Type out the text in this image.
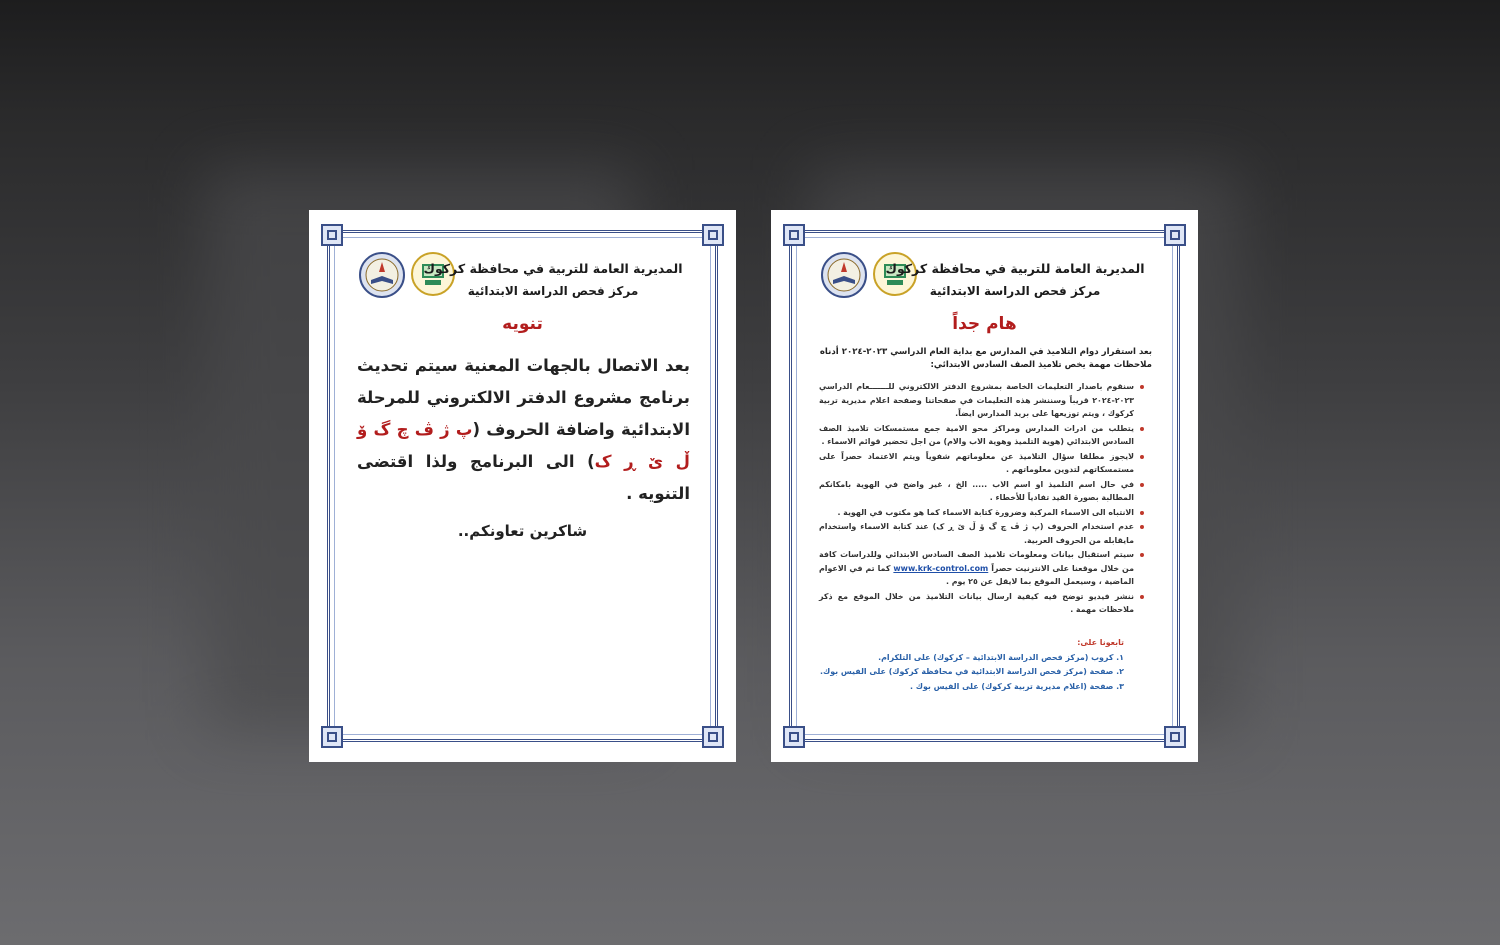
المديرية العامة للتربية في محافظة كركوك
مركز فحص الدراسة الابتدائية
تنويه
بعد الاتصال بالجهات المعنية سيتم تحديث برنامج مشروع الدفتر الالكتروني للمرحلة الابتدائية واضافة الحروف (پ ژ ڤ چ گ ۆ ڵ ێ ڕ ک) الى البرنامج ولذا اقتضى التنويه .
شاكرين تعاونكم..
المديرية العامة للتربية في محافظة كركوك
مركز فحص الدراسة الابتدائية
هام جداً
بعد استقرار دوام التلاميذ في المدارس مع بداية العام الدراسي ٢٠٢٣-٢٠٢٤ أدناه ملاحظات مهمة يخص تلاميذ الصف السادس الابتدائي:
سنقوم باصدار التعليمات الخاصة بمشروع الدفتر الالكتروني للـــــــعام الدراسي ٢٠٢٣-٢٠٢٤ قريباً وسننشر هذه التعليمات في صفحاتنا وصفحة اعلام مديرية تربية كركوك ، ويتم توزيعها على بريد المدارس ايضاً.
يتطلب من ادرات المدارس ومراكز محو الامية جمع مستمسكات تلاميذ الصف السادس الابتدائي (هوية التلميذ وهوية الاب والام) من اجل تحضير قوائم الاسماء .
لايجوز مطلقا سؤال التلاميذ عن معلوماتهم شفوياً ويتم الاعتماد حصراً على مستمسكاتهم لتدوين معلوماتهم .
في حال اسم التلميذ او اسم الاب ..... الخ ، غير واضح في الهوية بامكانكم المطالبة بصورة القيد تفادياً للأخطاء .
الانتباه الى الاسماء المركبة وضرورة كتابة الاسماء كما هو مكتوب في الهوية .
عدم استخدام الحروف (پ ژ ڤ چ گ ۆ ڵ ێ ڕ ک) عند كتابة الاسماء واستخدام مايقابله من الحروف العربية.
سيتم استقبال بيانات ومعلومات تلاميذ الصف السادس الابتدائي وللدراسات كافة من خلال موقعنا على الانترنيت حصراً www.krk-control.com كما تم في الاعوام الماضية ، وسيعمل الموقع بما لايقل عن ٢٥ يوم .
ننشر فيديو توضح فيه كيفية ارسال بيانات التلاميذ من خلال الموقع مع ذكر ملاحظات مهمة .
تابعونا على:
١. كروب (مركز فحص الدراسة الابتدائية – كركوك) على التلكرام.
٢. صفحة (مركز فحص الدراسة الابتدائية في محافظة كركوك) على الفيس بوك.
٣. صفحة (اعلام مديرية تربية كركوك) على الفيس بوك .
